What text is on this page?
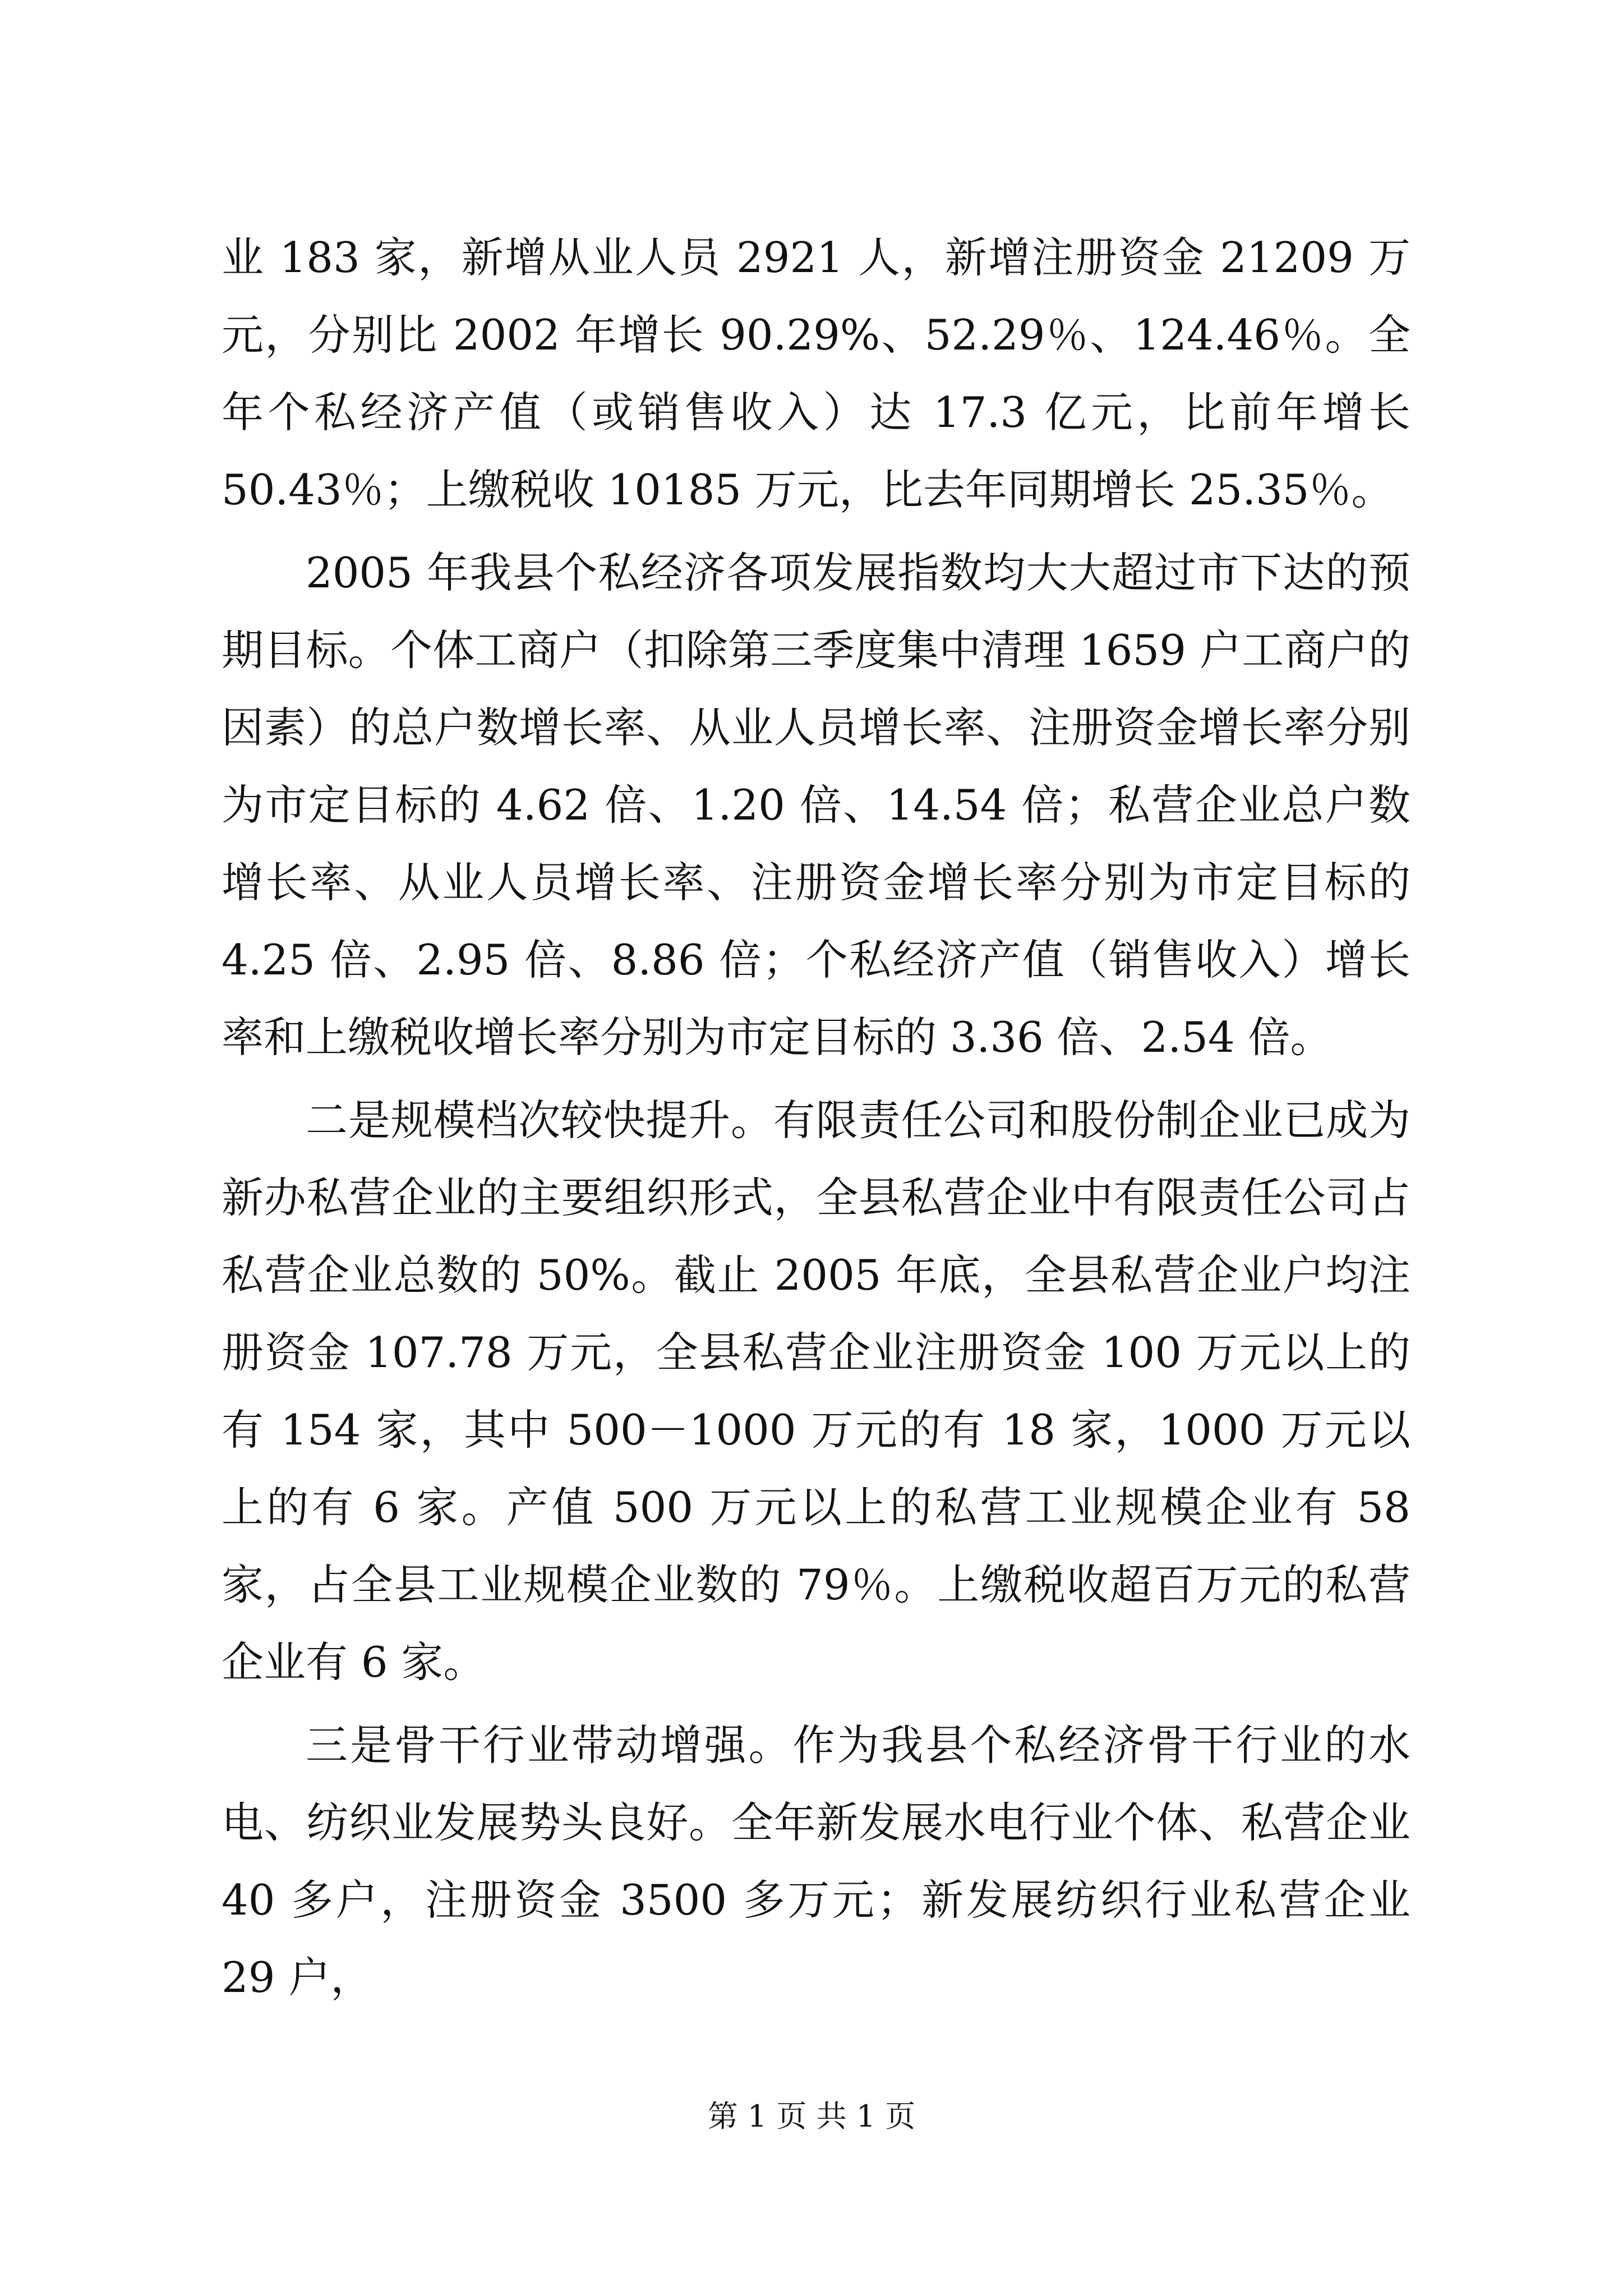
业 183 家，新增从业人员 2921 人，新增注册资金 21209 万元，分别比 2002 年增长 90.29%、52.29％、124.46％。全年个私经济产值（或销售收入）达 17.3 亿元，比前年增长 50.43％；上缴税收 10185 万元，比去年同期增长 25.35％。

2005 年我县个私经济各项发展指数均大大超过市下达的预期目标。个体工商户（扣除第三季度集中清理 1659 户工商户的因素）的总户数增长率、从业人员增长率、注册资金增长率分别为市定目标的 4.62 倍、1.20 倍、14.54 倍；私营企业总户数增长率、从业人员增长率、注册资金增长率分别为市定目标的 4.25 倍、2.95 倍、8.86 倍；个私经济产值（销售收入）增长率和上缴税收增长率分别为市定目标的 3.36 倍、2.54 倍。

二是规模档次较快提升。有限责任公司和股份制企业已成为新办私营企业的主要组织形式，全县私营企业中有限责任公司占私营企业总数的 50%。截止 2005 年底，全县私营企业户均注册资金 107.78 万元，全县私营企业注册资金 100 万元以上的有 154 家，其中 500－1000 万元的有 18 家，1000 万元以上的有 6 家。产值 500 万元以上的私营工业规模企业有 58 家，占全县工业规模企业数的 79％。上缴税收超百万元的私营企业有 6 家。

三是骨干行业带动增强。作为我县个私经济骨干行业的水电、纺织业发展势头良好。全年新发展水电行业个体、私营企业 40 多户，注册资金 3500 多万元；新发展纺织行业私营企业 29 户，

第 1 页 共 1 页
